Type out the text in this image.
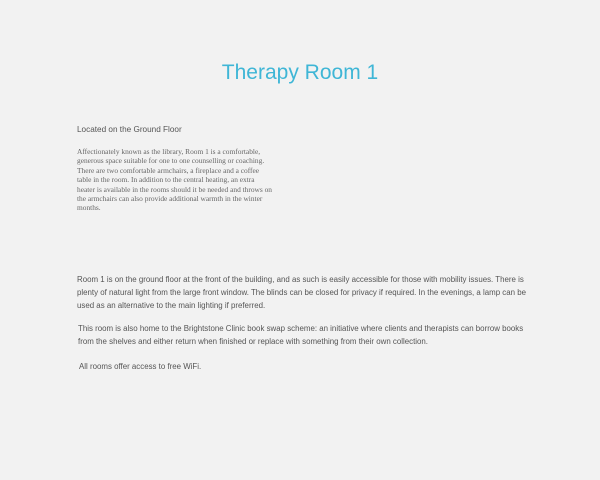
Therapy Room 1

Located on the Ground Floor

Affectionately known as the library, Room 1 is a comfortable, generous space suitable for one to one counselling or coaching. There are two comfortable armchairs, a fireplace and a coffee table in the room. In addition to the central heating, an extra heater is available in the rooms should it be needed and throws on the armchairs can also provide additional warmth in the winter months.

Room 1 is on the ground floor at the front of the building, and as such is easily accessible for those with mobility issues. There is plenty of natural light from the large front window. The blinds can be closed for privacy if required. In the evenings, a lamp can be used as an alternative to the main lighting if preferred.

This room is also home to the Brightstone Clinic book swap scheme: an initiative where clients and therapists can borrow books from the shelves and either return when finished or replace with something from their own collection.

All rooms offer access to free WiFi.
